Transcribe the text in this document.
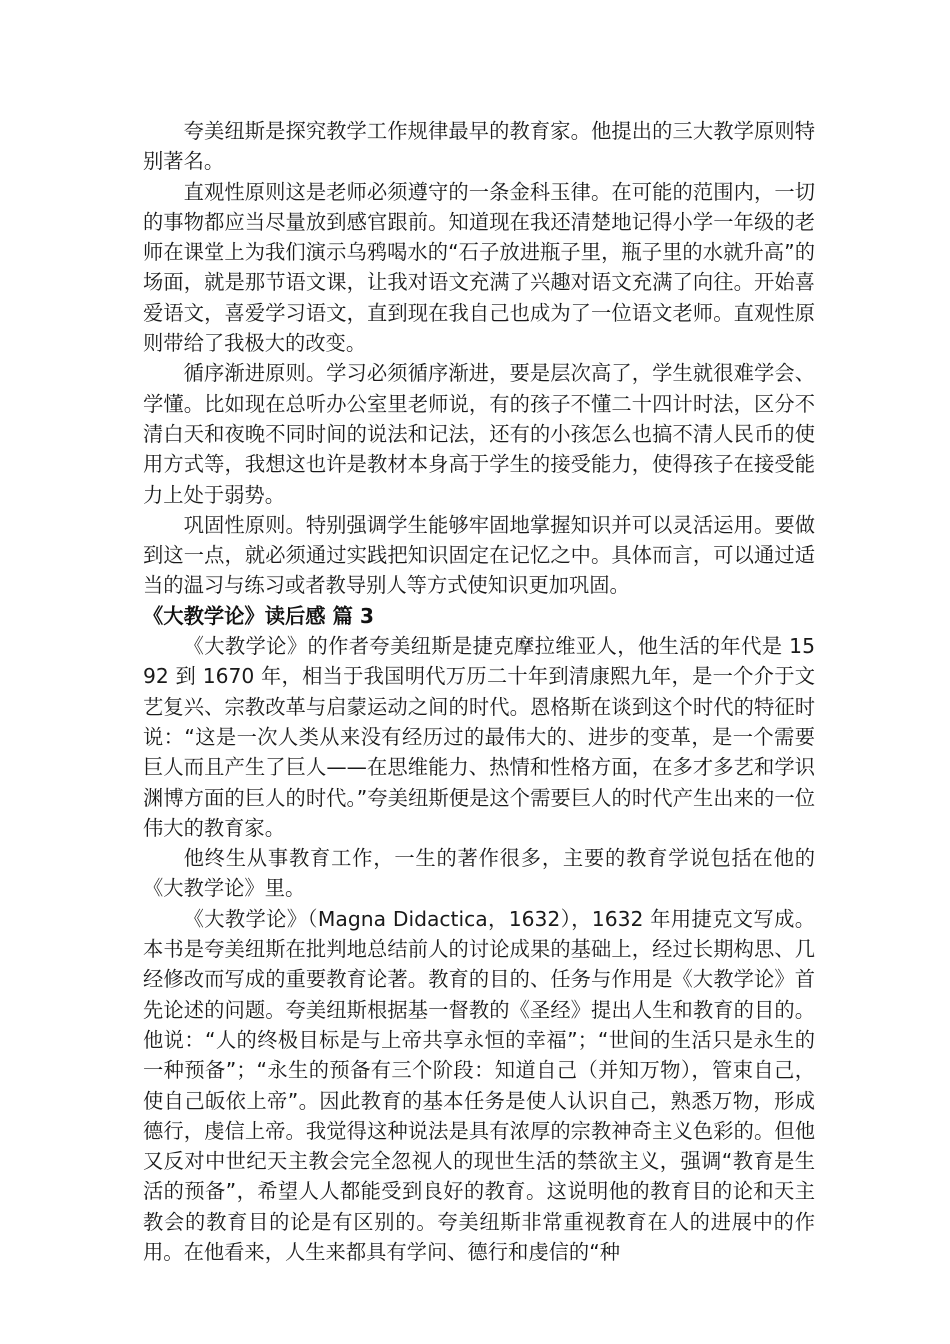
夸美纽斯是探究教学工作规律最早的教育家。他提出的三大教学原则特别著名。

直观性原则这是老师必须遵守的一条金科玉律。在可能的范围内，一切的事物都应当尽量放到感官跟前。知道现在我还清楚地记得小学一年级的老师在课堂上为我们演示乌鸦喝水的“石子放进瓶子里，瓶子里的水就升高”的场面，就是那节语文课，让我对语文充满了兴趣对语文充满了向往。开始喜爱语文，喜爱学习语文，直到现在我自己也成为了一位语文老师。直观性原则带给了我极大的改变。

循序渐进原则。学习必须循序渐进，要是层次高了，学生就很难学会、学懂。比如现在总听办公室里老师说，有的孩子不懂二十四计时法，区分不清白天和夜晚不同时间的说法和记法，还有的小孩怎么也搞不清人民币的使用方式等，我想这也许是教材本身高于学生的接受能力，使得孩子在接受能力上处于弱势。

巩固性原则。特别强调学生能够牢固地掌握知识并可以灵活运用。要做到这一点，就必须通过实践把知识固定在记忆之中。具体而言，可以通过适当的温习与练习或者教导别人等方式使知识更加巩固。

《大教学论》读后感 篇 3

《大教学论》的作者夸美纽斯是捷克摩拉维亚人，他生活的年代是 1592 到 1670 年，相当于我国明代万历二十年到清康熙九年，是一个介于文艺复兴、宗教改革与启蒙运动之间的时代。恩格斯在谈到这个时代的特征时说：“这是一次人类从来没有经历过的最伟大的、进步的变革，是一个需要巨人而且产生了巨人——在思维能力、热情和性格方面，在多才多艺和学识渊博方面的巨人的时代。”夸美纽斯便是这个需要巨人的时代产生出来的一位伟大的教育家。

他终生从事教育工作，一生的著作很多，主要的教育学说包括在他的《大教学论》里。

《大教学论》（Magna Didactica，1632），1632 年用捷克文写成。本书是夸美纽斯在批判地总结前人的讨论成果的基础上，经过长期构思、几经修改而写成的重要教育论著。教育的目的、任务与作用是《大教学论》首先论述的问题。夸美纽斯根据基一督教的《圣经》提出人生和教育的目的。他说：“人的终极目标是与上帝共享永恒的幸福”；“世间的生活只是永生的一种预备”；“永生的预备有三个阶段：知道自己（并知万物），管束自己，使自己皈依上帝”。因此教育的基本任务是使人认识自己，熟悉万物，形成德行，虔信上帝。我觉得这种说法是具有浓厚的宗教神奇主义色彩的。但他又反对中世纪天主教会完全忽视人的现世生活的禁欲主义，强调“教育是生活的预备”，希望人人都能受到良好的教育。这说明他的教育目的论和天主教会的教育目的论是有区别的。夸美纽斯非常重视教育在人的进展中的作用。在他看来，人生来都具有学问、德行和虔信的“种
